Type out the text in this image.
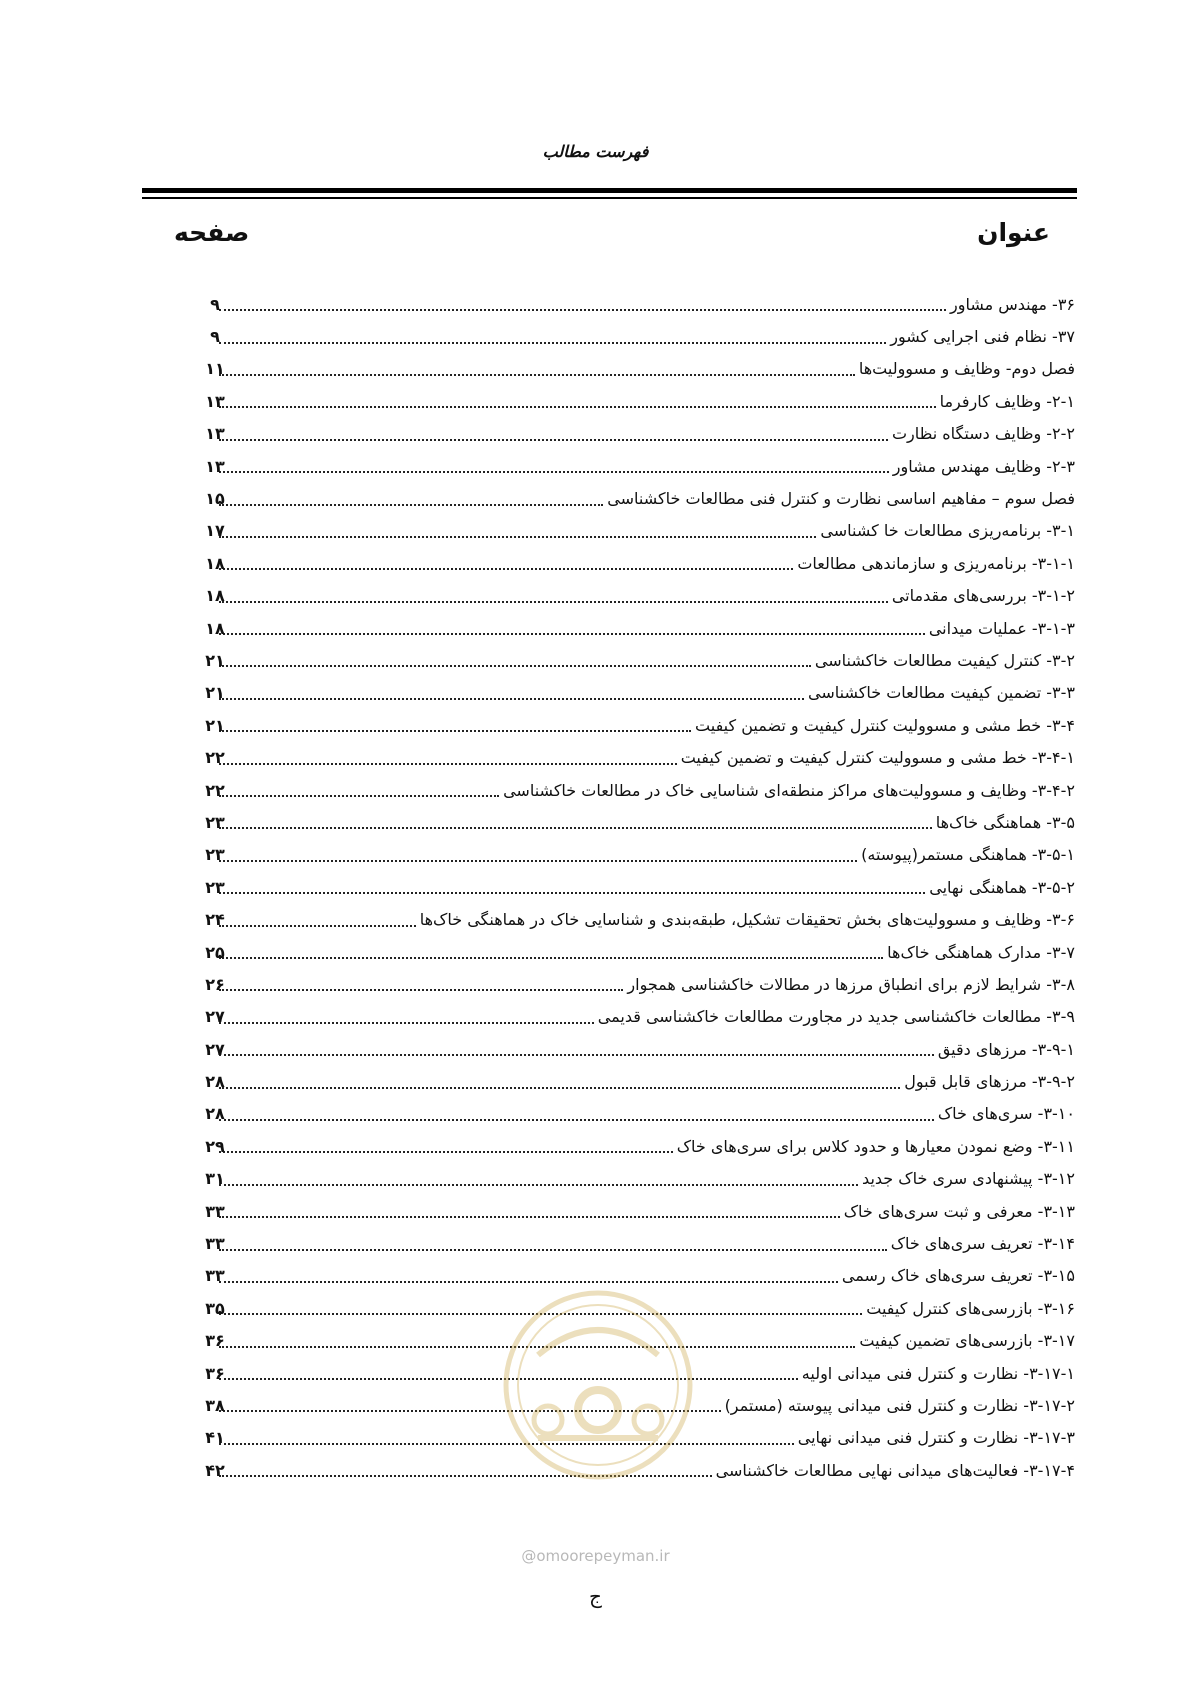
فهرست مطالب
عنوان
صفحه
۳۶- مهندس مشاور
۹
۳۷- نظام فنی اجرایی کشور
۹
فصل دوم- وظایف و مسوولیت‌ها
۱۱
۲-۱- وظایف کارفرما
۱۳
۲-۲- وظایف دستگاه نظارت
۱۳
۲-۳- وظایف مهندس مشاور
۱۳
فصل سوم – مفاهیم اساسی نظارت و کنترل فنی مطالعات خاکشناسی
۱۵
۳-۱- برنامه‌ریزی مطالعات خا کشناسی
۱۷
۳-۱-۱- برنامه‌ریزی و سازماندهی مطالعات
۱۸
۳-۱-۲- بررسی‌های مقدماتی
۱۸
۳-۱-۳- عملیات میدانی
۱۸
۳-۲- کنترل کیفیت مطالعات خاکشناسی
۲۱
۳-۳- تضمین کیفیت مطالعات خاکشناسی
۲۱
۳-۴- خط مشی و مسوولیت کنترل کیفیت و تضمین کیفیت
۲۱
۳-۴-۱- خط مشی و مسوولیت کنترل کیفیت و تضمین کیفیت
۲۲
۳-۴-۲- وظایف و مسوولیت‌های مراکز منطقه‌ای شناسایی خاک در مطالعات خاکشناسی
۲۲
۳-۵- هماهنگی خاک‌ها
۲۳
۳-۵-۱- هماهنگی مستمر(پیوسته)
۲۳
۳-۵-۲- هماهنگی نهایی
۲۳
۳-۶- وظایف و مسوولیت‌های بخش تحقیقات تشکیل، طبقه‌بندی و شناسایی خاک در هماهنگی خاک‌ها
۲۴
۳-۷- مدارک هماهنگی خاک‌ها
۲۵
۳-۸- شرایط لازم برای انطباق مرزها در مطالات خاکشناسی همجوار
۲۶
۳-۹- مطالعات خاکشناسی جدید در مجاورت مطالعات خاکشناسی قدیمی
۲۷
۳-۹-۱- مرزهای دقیق
۲۷
۳-۹-۲- مرزهای قابل قبول
۲۸
۳-۱۰- سری‌های خاک
۲۸
۳-۱۱- وضع نمودن معیارها و حدود کلاس برای سری‌های خاک
۲۹
۳-۱۲- پیشنهادی سری خاک جدید
۳۱
۳-۱۳- معرفی و ثبت سری‌های خاک
۳۳
۳-۱۴- تعریف سری‌های خاک
۳۳
۳-۱۵- تعریف سری‌های خاک رسمی
۳۳
۳-۱۶- بازرسی‌های کنترل کیفیت
۳۵
۳-۱۷- بازرسی‌های تضمین کیفیت
۳۶
۳-۱۷-۱- نظارت و کنترل فنی میدانی اولیه
۳۶
۳-۱۷-۲- نظارت و کنترل فنی میدانی پیوسته (مستمر)
۳۸
۳-۱۷-۳- نظارت و کنترل فنی میدانی نهایی
۴۱
۳-۱۷-۴- فعالیت‌های میدانی نهایی مطالعات خاکشناسی
۴۲
@omoorepeyman.ir
ج
